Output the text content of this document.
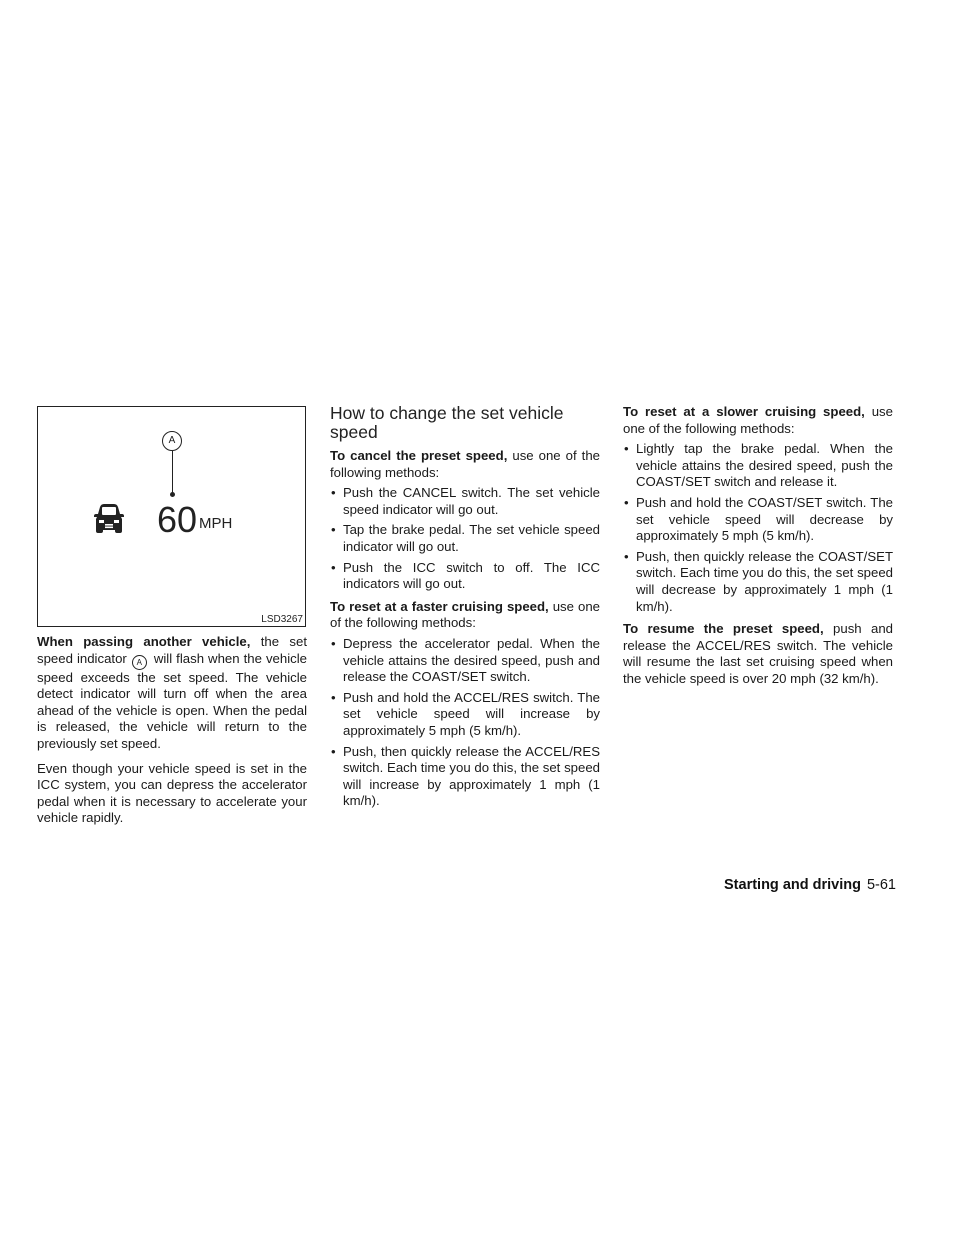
LSD3267
A
60 MPH

When passing another vehicle, the set speed indicator A will flash when the vehicle speed exceeds the set speed. The vehicle detect indicator will turn off when the area ahead of the vehicle is open. When the pedal is released, the vehicle will return to the previously set speed.

Even though your vehicle speed is set in the ICC system, you can depress the accelerator pedal when it is necessary to accelerate your vehicle rapidly.

How to change the set vehicle speed

To cancel the preset speed, use one of the following methods:

• Push the CANCEL switch. The set vehicle speed indicator will go out.
• Tap the brake pedal. The set vehicle speed indicator will go out.
• Push the ICC switch to off. The ICC indicators will go out.

To reset at a faster cruising speed, use one of the following methods:

• Depress the accelerator pedal. When the vehicle attains the desired speed, push and release the COAST/SET switch.
• Push and hold the ACCEL/RES switch. The set vehicle speed will increase by approximately 5 mph (5 km/h).
• Push, then quickly release the ACCEL/RES switch. Each time you do this, the set speed will increase by approximately 1 mph (1 km/h).

To reset at a slower cruising speed, use one of the following methods:

• Lightly tap the brake pedal. When the vehicle attains the desired speed, push the COAST/SET switch and release it.
• Push and hold the COAST/SET switch. The set vehicle speed will decrease by approximately 5 mph (5 km/h).
• Push, then quickly release the COAST/SET switch. Each time you do this, the set speed will decrease by approximately 1 mph (1 km/h).

To resume the preset speed, push and release the ACCEL/RES switch. The vehicle will resume the last set cruising speed when the vehicle speed is over 20 mph (32 km/h).

Starting and driving 5-61
